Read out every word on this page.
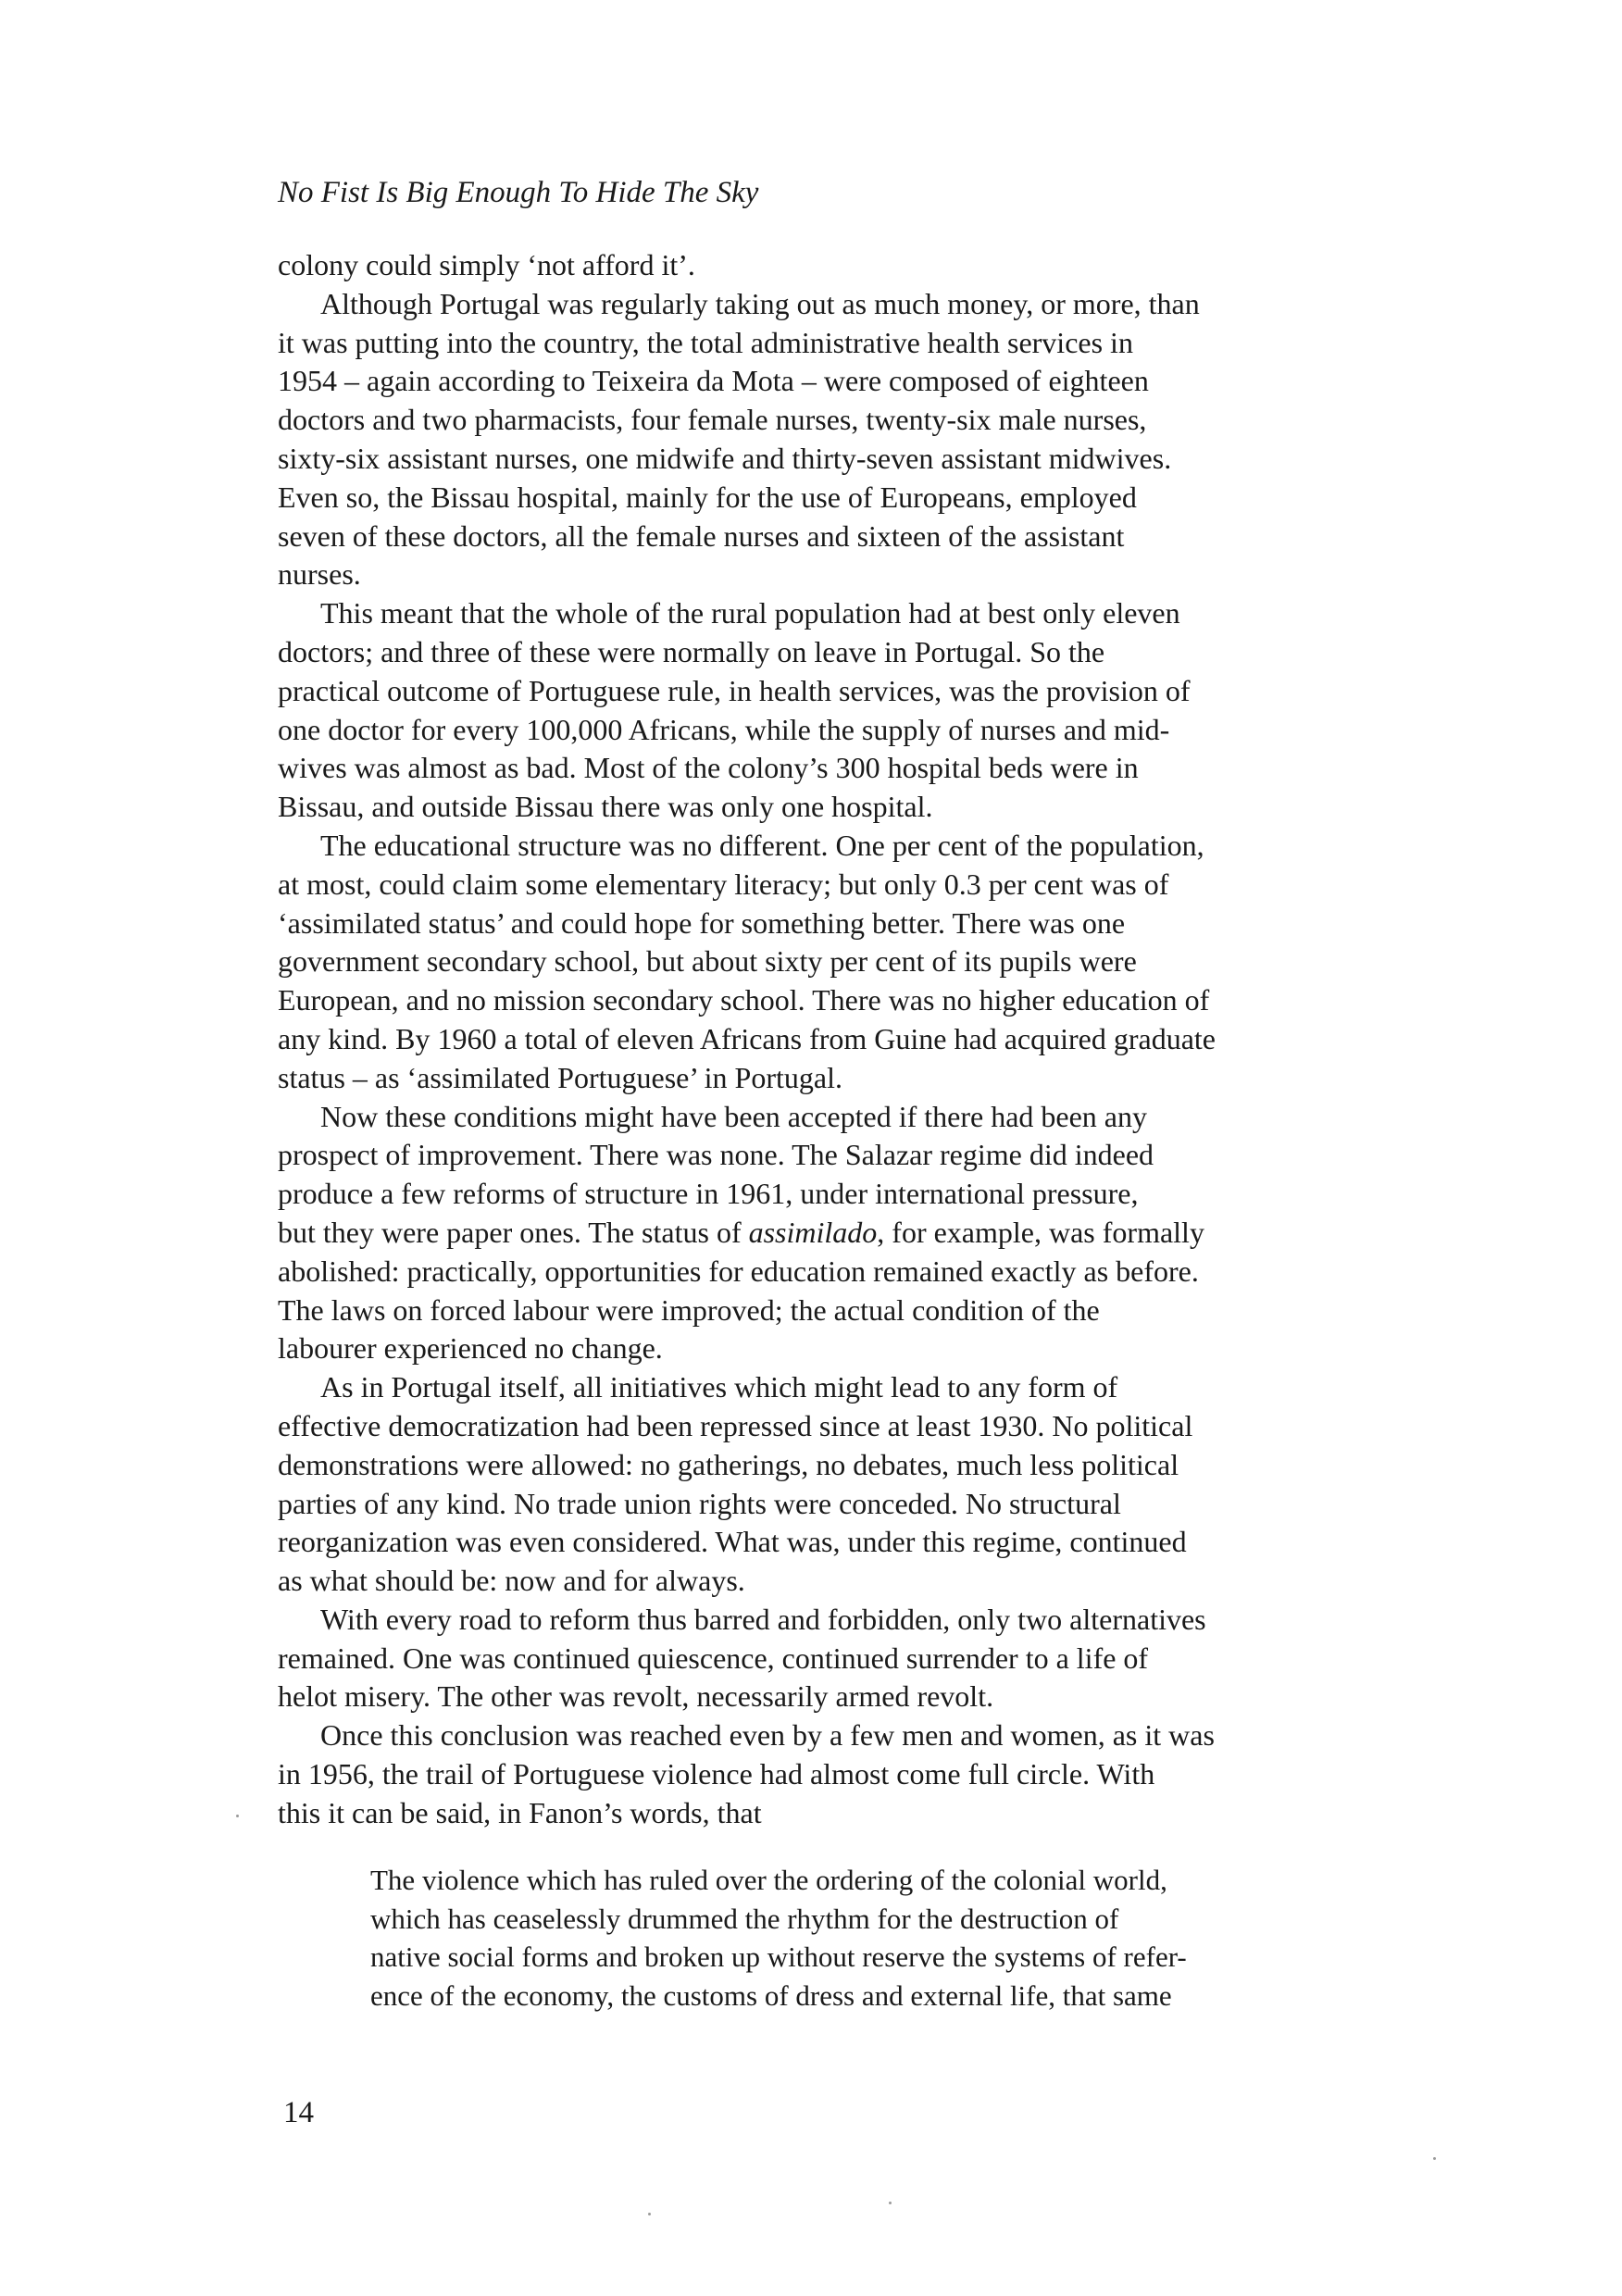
No Fist Is Big Enough To Hide The Sky
colony could simply ‘not afford it’.
Although Portugal was regularly taking out as much money, or more, than
it was putting into the country, the total administrative health services in
1954 – again according to Teixeira da Mota – were composed of eighteen
doctors and two pharmacists, four female nurses, twenty-six male nurses,
sixty-six assistant nurses, one midwife and thirty-seven assistant midwives.
Even so, the Bissau hospital, mainly for the use of Europeans, employed
seven of these doctors, all the female nurses and sixteen of the assistant
nurses.
This meant that the whole of the rural population had at best only eleven
doctors; and three of these were normally on leave in Portugal. So the
practical outcome of Portuguese rule, in health services, was the provision of
one doctor for every 100,000 Africans, while the supply of nurses and mid-
wives was almost as bad. Most of the colony’s 300 hospital beds were in
Bissau, and outside Bissau there was only one hospital.
The educational structure was no different. One per cent of the population,
at most, could claim some elementary literacy; but only 0.3 per cent was of
‘assimilated status’ and could hope for something better. There was one
government secondary school, but about sixty per cent of its pupils were
European, and no mission secondary school. There was no higher education of
any kind. By 1960 a total of eleven Africans from Guine had acquired graduate
status – as ‘assimilated Portuguese’ in Portugal.
Now these conditions might have been accepted if there had been any
prospect of improvement. There was none. The Salazar regime did indeed
produce a few reforms of structure in 1961, under international pressure,
but they were paper ones. The status of assimilado, for example, was formally
abolished: practically, opportunities for education remained exactly as before.
The laws on forced labour were improved; the actual condition of the
labourer experienced no change.
As in Portugal itself, all initiatives which might lead to any form of
effective democratization had been repressed since at least 1930. No political
demonstrations were allowed: no gatherings, no debates, much less political
parties of any kind. No trade union rights were conceded. No structural
reorganization was even considered. What was, under this regime, continued
as what should be: now and for always.
With every road to reform thus barred and forbidden, only two alternatives
remained. One was continued quiescence, continued surrender to a life of
helot misery. The other was revolt, necessarily armed revolt.
Once this conclusion was reached even by a few men and women, as it was
in 1956, the trail of Portuguese violence had almost come full circle. With
this it can be said, in Fanon’s words, that
The violence which has ruled over the ordering of the colonial world,
which has ceaselessly drummed the rhythm for the destruction of
native social forms and broken up without reserve the systems of refer-
ence of the economy, the customs of dress and external life, that same
14
